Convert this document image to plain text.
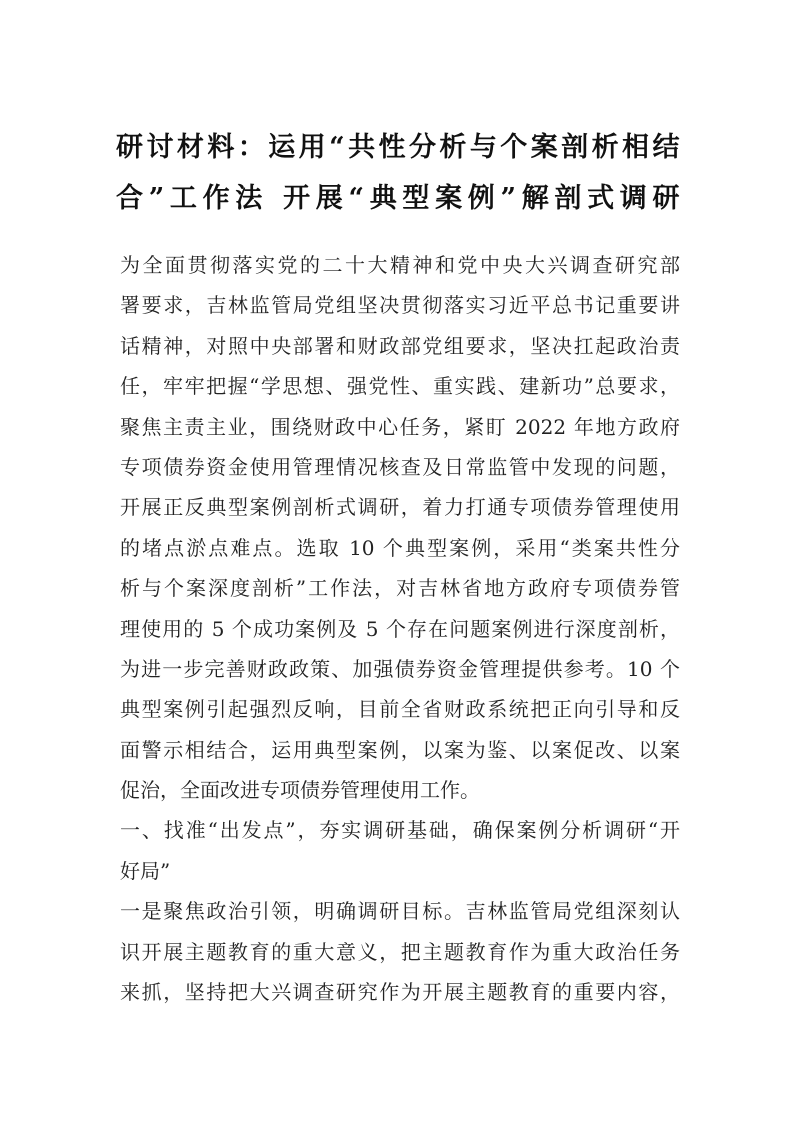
研讨材料：运用“共性分析与个案剖析相结
合”工作法 开展“典型案例”解剖式调研
为全面贯彻落实党的二十大精神和党中央大兴调查研究部
署要求，吉林监管局党组坚决贯彻落实习近平总书记重要讲
话精神，对照中央部署和财政部党组要求，坚决扛起政治责
任，牢牢把握“学思想、强党性、重实践、建新功”总要求，
聚焦主责主业，围绕财政中心任务，紧盯 2022 年地方政府
专项债券资金使用管理情况核查及日常监管中发现的问题，
开展正反典型案例剖析式调研，着力打通专项债券管理使用
的堵点淤点难点。选取 10 个典型案例，采用“类案共性分
析与个案深度剖析”工作法，对吉林省地方政府专项债券管
理使用的 5 个成功案例及 5 个存在问题案例进行深度剖析，
为进一步完善财政政策、加强债券资金管理提供参考。10 个
典型案例引起强烈反响，目前全省财政系统把正向引导和反
面警示相结合，运用典型案例，以案为鉴、以案促改、以案
促治，全面改进专项债券管理使用工作。
一、找准“出发点”，夯实调研基础，确保案例分析调研“开
好局”
一是聚焦政治引领，明确调研目标。吉林监管局党组深刻认
识开展主题教育的重大意义，把主题教育作为重大政治任务
来抓，坚持把大兴调查研究作为开展主题教育的重要内容，
